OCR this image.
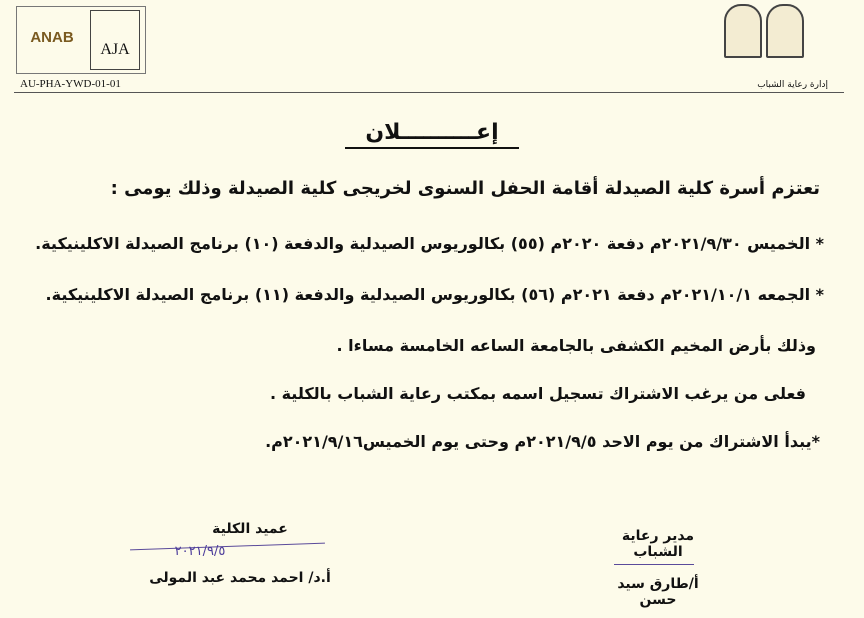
ANAB
AJA
AU-PHA-YWD-01-01	إدارة رعاية الشباب
إعــــــــــلان
تعتزم أسرة كلية الصيدلة أقامة الحفل السنوى لخريجى كلية الصيدلة وذلك يومى :
* الخميس ٢٠٢١/٩/٣٠م دفعة ٢٠٢٠م (٥٥) بكالوريوس الصيدلية والدفعة (١٠) برنامج الصيدلة الاكلينيكية.
* الجمعه ٢٠٢١/١٠/١م دفعة ٢٠٢١م (٥٦) بكالوريوس الصيدلية والدفعة (١١) برنامج الصيدلة الاكلينيكية.
وذلك بأرض المخيم الكشفى بالجامعة الساعه الخامسة مساءا .
فعلى من يرغب الاشتراك تسجيل اسمه بمكتب رعاية الشباب بالكلية .
*يبدأ الاشتراك من يوم الاحد ٢٠٢١/٩/٥م وحتى يوم الخميس٢٠٢١/٩/١٦م.
مدير رعاية الشباب
أ/طارق سيد حسن
عميد الكلية
٢٠٢١/٩/٥
أ.د/ احمد محمد عبد المولى
